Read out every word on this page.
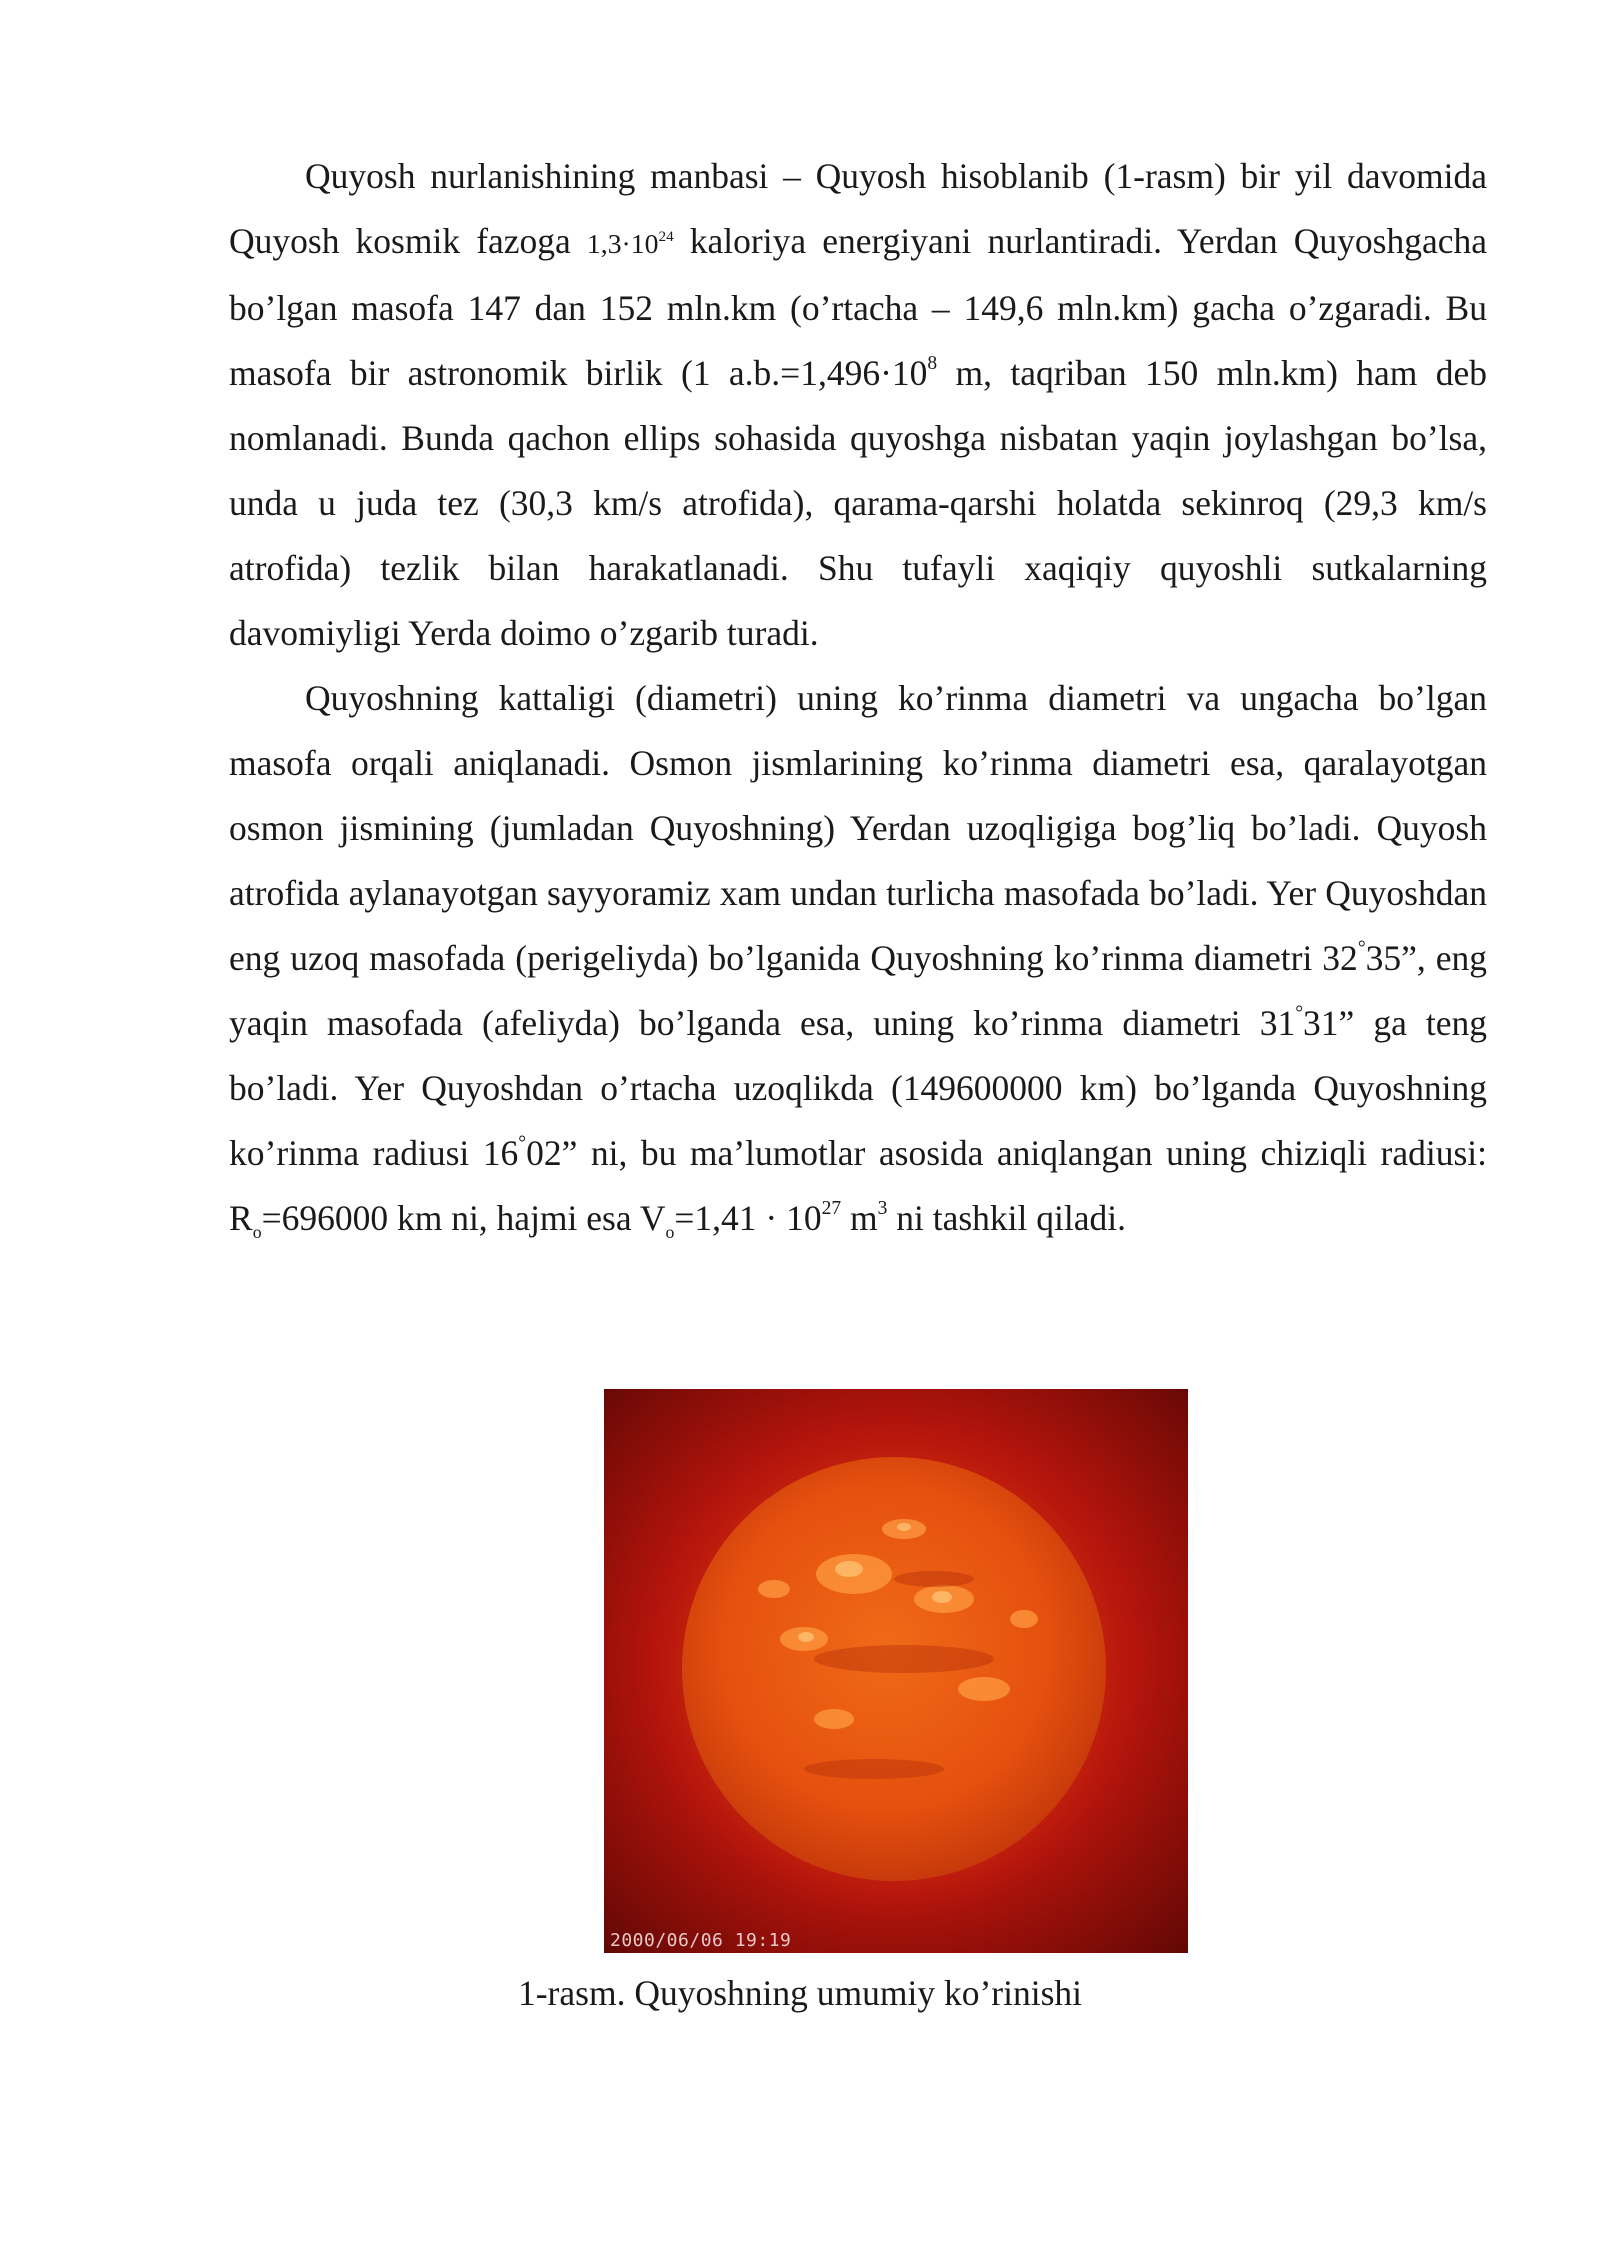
Quyosh nurlanishining manbasi – Quyosh hisoblanib (1-rasm) bir yil davomida Quyosh kosmik fazoga $1,3\cdot 10^{24}$ kaloriya energiyani nurlantiradi. Yerdan Quyoshgacha bo’lgan masofa 147 dan 152 mln.km (o’rtacha – 149,6 mln.km) gacha o’zgaradi. Bu masofa bir astronomik birlik (1 $a.b.=1,496\cdot 10^8$ m, taqriban 150 mln.km) ham deb nomlanadi. Bunda qachon ellips sohasida quyoshga nisbatan yaqin joylashgan bo’lsa, unda u juda tez (30,3 km/s atrofida), qarama-qarshi holatda sekinroq (29,3 km/s atrofida) tezlik bilan harakatlanadi. Shu tufayli xaqiqiy quyoshli sutkalarning davomiyligi Yerda doimo o’zgarib turadi.

Quyoshning kattaligi (diametri) uning ko’rinma diametri va ungacha bo’lgan masofa orqali aniqlanadi. Osmon jismlarining ko’rinma diametri esa, qaralayotgan osmon jismining (jumladan Quyoshning) Yerdan uzoqligiga bog’liq bo’ladi. Quyosh atrofida aylanayotgan sayyoramiz xam undan turlicha masofada bo’ladi. Yer Quyoshdan eng uzoq masofada (perigeliyda) bo’lganida Quyoshning ko’rinma diametri 32°35”, eng yaqin masofada (afeliyda) bo’lganda esa, uning ko’rinma diametri 31°31” ga teng bo’ladi. Yer Quyoshdan o’rtacha uzoqlikda (149600000 km) bo’lganda Quyoshning ko’rinma radiusi 16°02” ni, bu ma’lumotlar asosida aniqlangan uning chiziqli radiusi: $R_o=696000$ km ni, hajmi esa $V_o=1,41 \cdot 10^{27}$ $m^3$ ni tashkil qiladi.

2000/06/06 19:19
1-rasm. Quyoshning umumiy ko’rinishi
